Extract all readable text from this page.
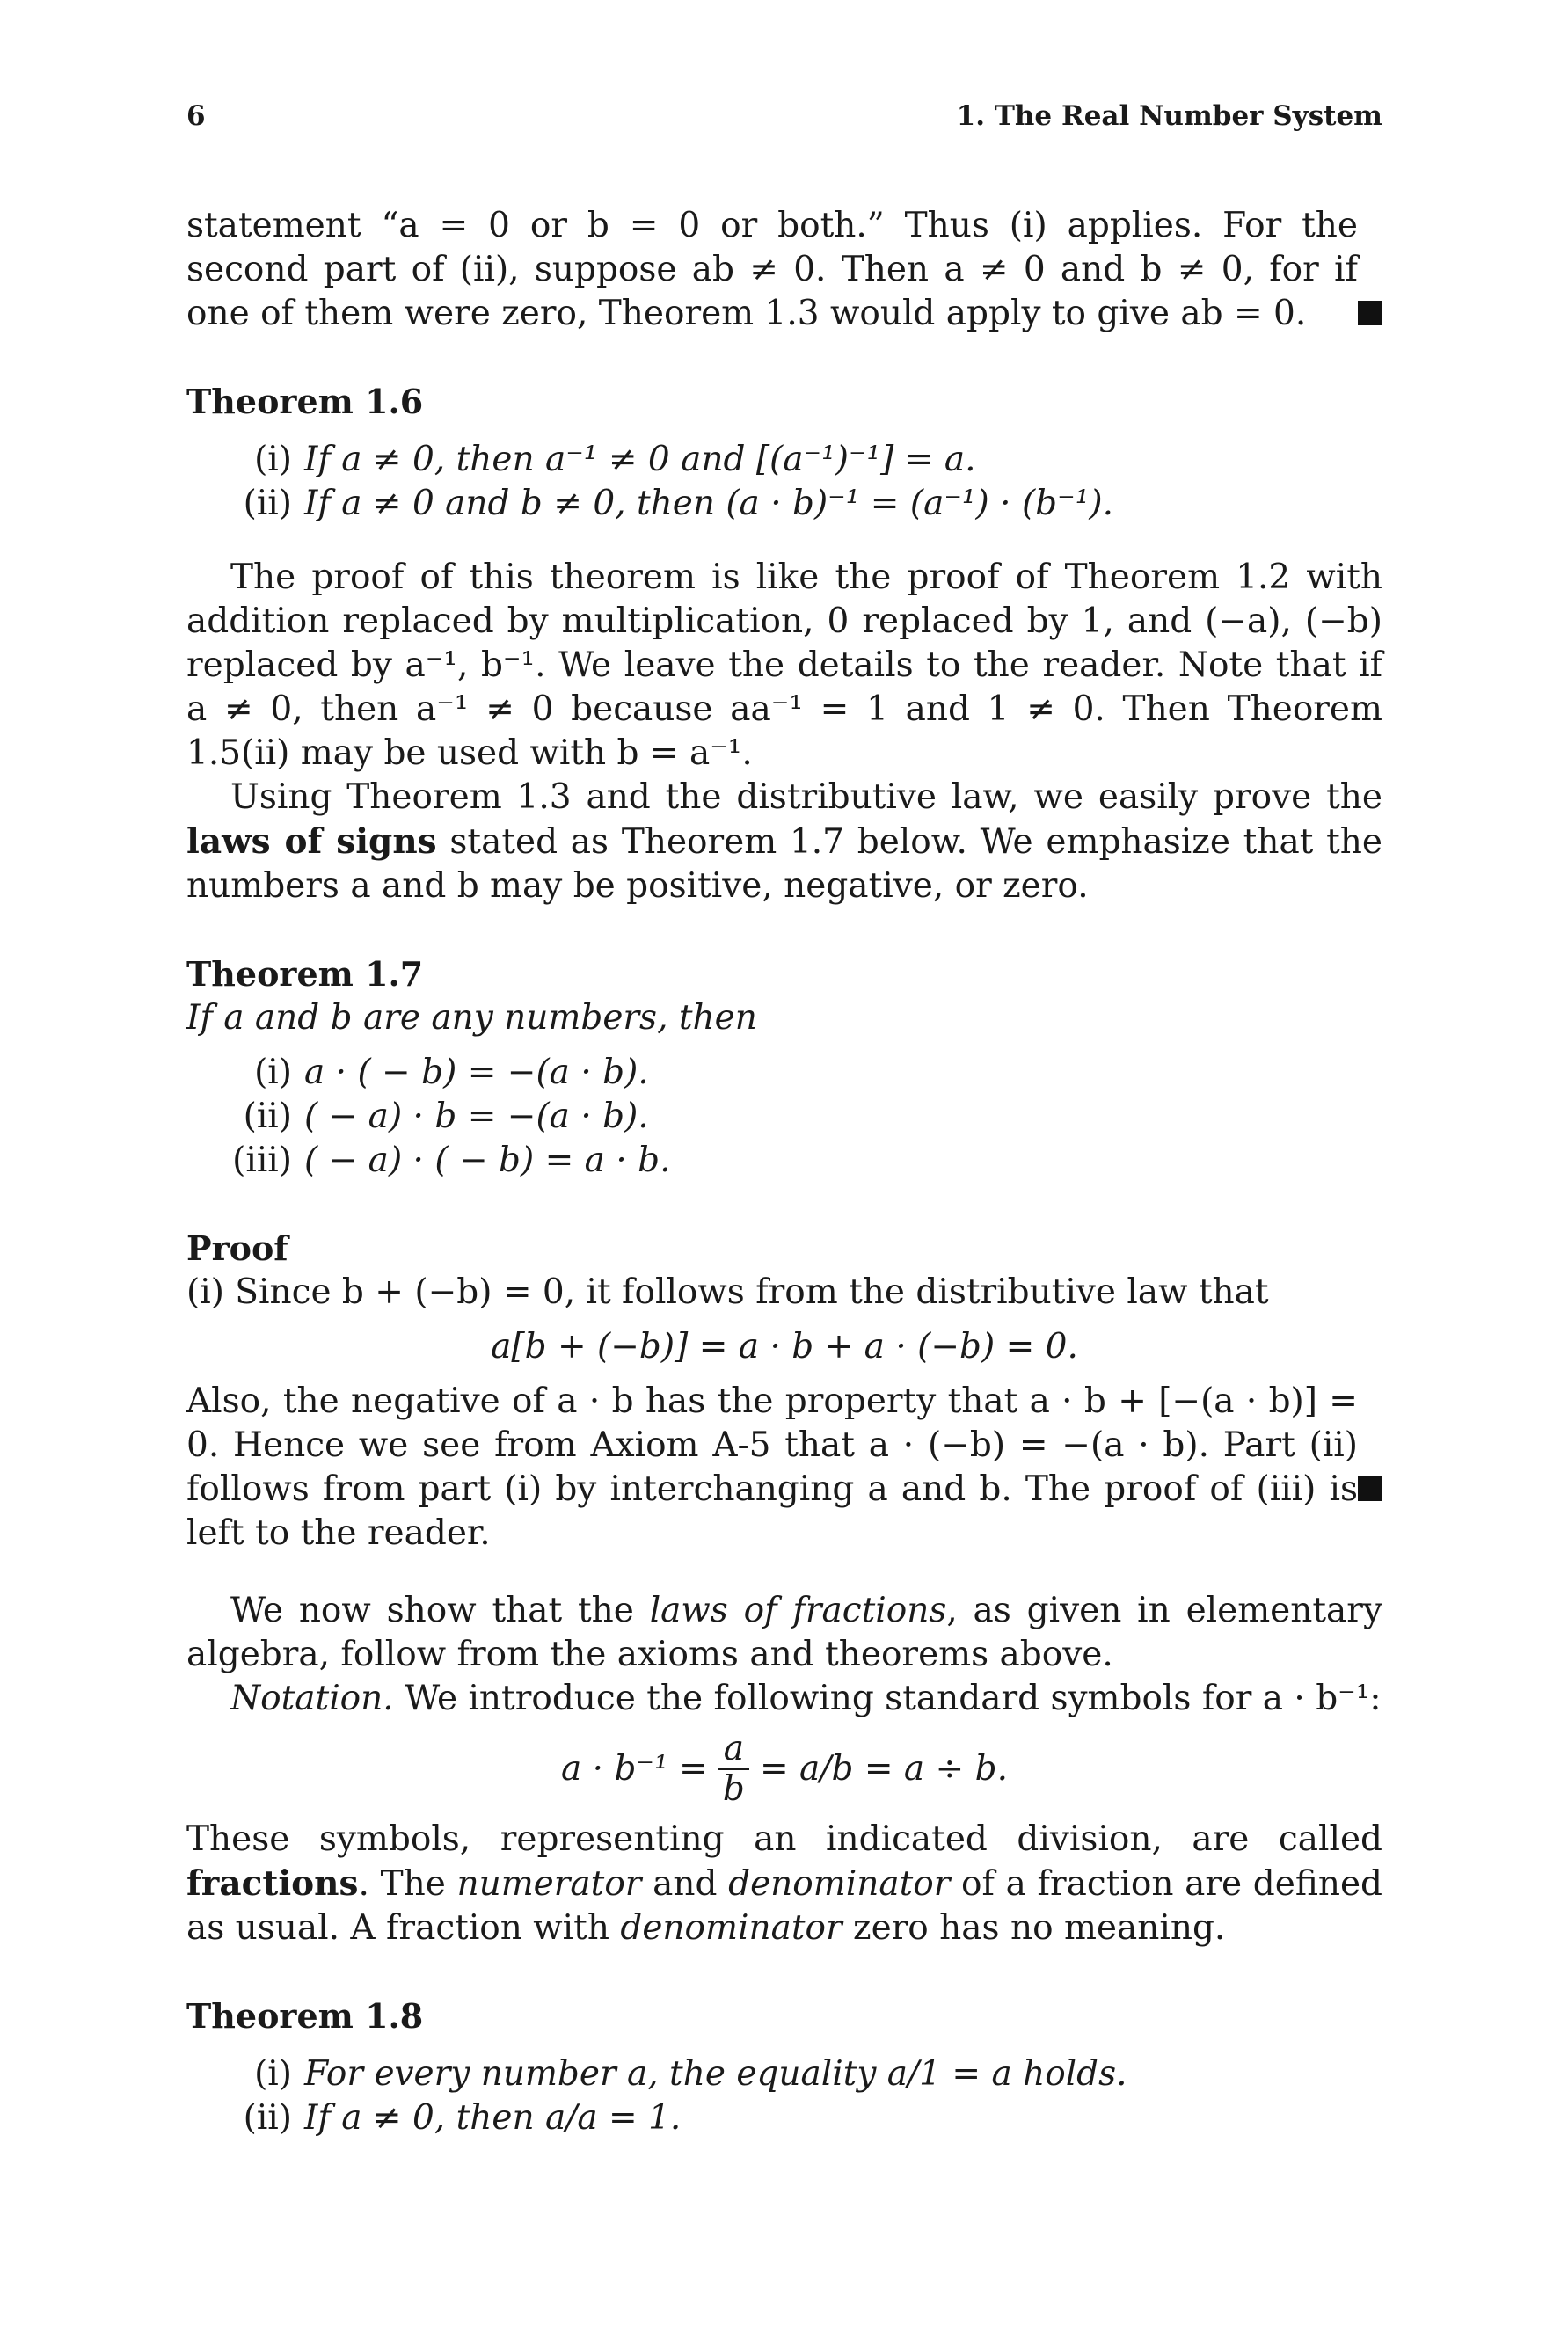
6	1. The Real Number System

statement “a = 0 or b = 0 or both.” Thus (i) applies. For the second part of (ii), suppose ab ≠ 0. Then a ≠ 0 and b ≠ 0, for if one of them were zero, Theorem 1.3 would apply to give ab = 0.

Theorem 1.6
(i) If a ≠ 0, then a⁻¹ ≠ 0 and [(a⁻¹)⁻¹] = a.
(ii) If a ≠ 0 and b ≠ 0, then (a · b)⁻¹ = (a⁻¹) · (b⁻¹).

The proof of this theorem is like the proof of Theorem 1.2 with addition replaced by multiplication, 0 replaced by 1, and (−a), (−b) replaced by a⁻¹, b⁻¹. We leave the details to the reader. Note that if a ≠ 0, then a⁻¹ ≠ 0 because aa⁻¹ = 1 and 1 ≠ 0. Then Theorem 1.5(ii) may be used with b = a⁻¹.

Using Theorem 1.3 and the distributive law, we easily prove the laws of signs stated as Theorem 1.7 below. We emphasize that the numbers a and b may be positive, negative, or zero.

Theorem 1.7

If a and b are any numbers, then

(i) a · ( − b) = −(a · b).
(ii) ( − a) · b = −(a · b).
(iii) ( − a) · ( − b) = a · b.
Proof

(i) Since b + (−b) = 0, it follows from the distributive law that

a[b + (−b)] = a · b + a · (−b) = 0.

Also, the negative of a · b has the property that a · b + [−(a · b)] = 0. Hence we see from Axiom A-5 that a · (−b) = −(a · b). Part (ii) follows from part (i) by interchanging a and b. The proof of (iii) is left to the reader.

We now show that the laws of fractions, as given in elementary algebra, follow from the axioms and theorems above.

Notation. We introduce the following standard symbols for a · b⁻¹:

$a \cdot b^{-1} = \frac{a}{b} = a/b = a \div b$.

These symbols, representing an indicated division, are called fractions. The numerator and denominator of a fraction are defined as usual. A fraction with denominator zero has no meaning.

Theorem 1.8
(i) For every number a, the equality a/1 = a holds.
(ii) If a ≠ 0, then a/a = 1.
